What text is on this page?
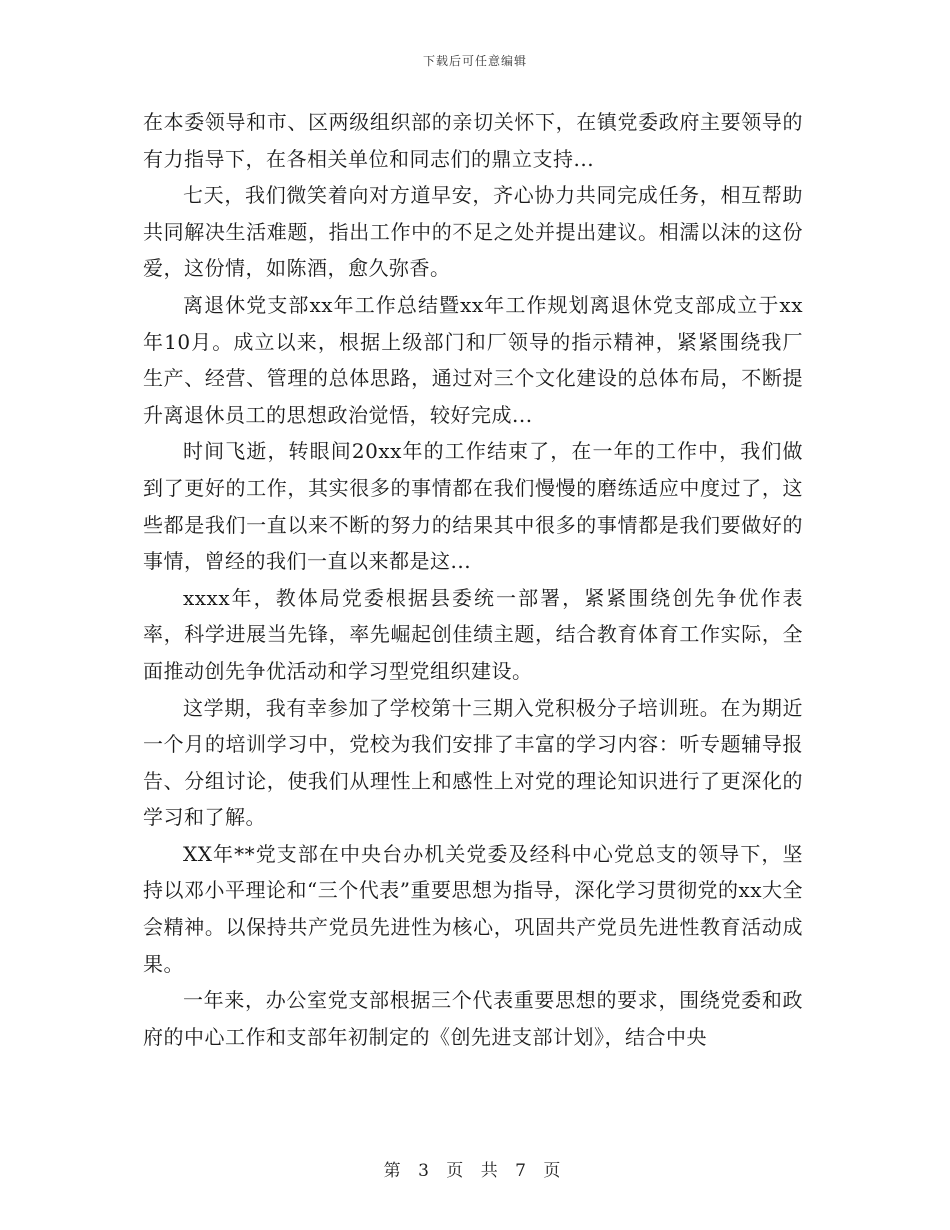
下载后可任意编辑

在本委领导和市、区两级组织部的亲切关怀下，在镇党委政府主要领导的有力指导下，在各相关单位和同志们的鼎立支持...

七天，我们微笑着向对方道早安，齐心协力共同完成任务，相互帮助共同解决生活难题，指出工作中的不足之处并提出建议。相濡以沫的这份爱，这份情，如陈酒，愈久弥香。

离退休党支部xx年工作总结暨xx年工作规划离退休党支部成立于xx年10月。成立以来，根据上级部门和厂领导的指示精神，紧紧围绕我厂生产、经营、管理的总体思路，通过对三个文化建设的总体布局，不断提升离退休员工的思想政治觉悟，较好完成...

时间飞逝，转眼间20xx年的工作结束了，在一年的工作中，我们做到了更好的工作，其实很多的事情都在我们慢慢的磨练适应中度过了，这些都是我们一直以来不断的努力的结果其中很多的事情都是我们要做好的事情，曾经的我们一直以来都是这...

xxxx年，教体局党委根据县委统一部署，紧紧围绕创先争优作表率，科学进展当先锋，率先崛起创佳绩主题，结合教育体育工作实际，全面推动创先争优活动和学习型党组织建设。

这学期，我有幸参加了学校第十三期入党积极分子培训班。在为期近一个月的培训学习中，党校为我们安排了丰富的学习内容：听专题辅导报告、分组讨论，使我们从理性上和感性上对党的理论知识进行了更深化的学习和了解。

XX年**党支部在中央台办机关党委及经科中心党总支的领导下，坚持以邓小平理论和“三个代表”重要思想为指导，深化学习贯彻党的xx大全会精神。以保持共产党员先进性为核心，巩固共产党员先进性教育活动成果。

一年来，办公室党支部根据三个代表重要思想的要求，围绕党委和政府的中心工作和支部年初制定的《创先进支部计划》，结合中央

第 3 页 共 7 页
